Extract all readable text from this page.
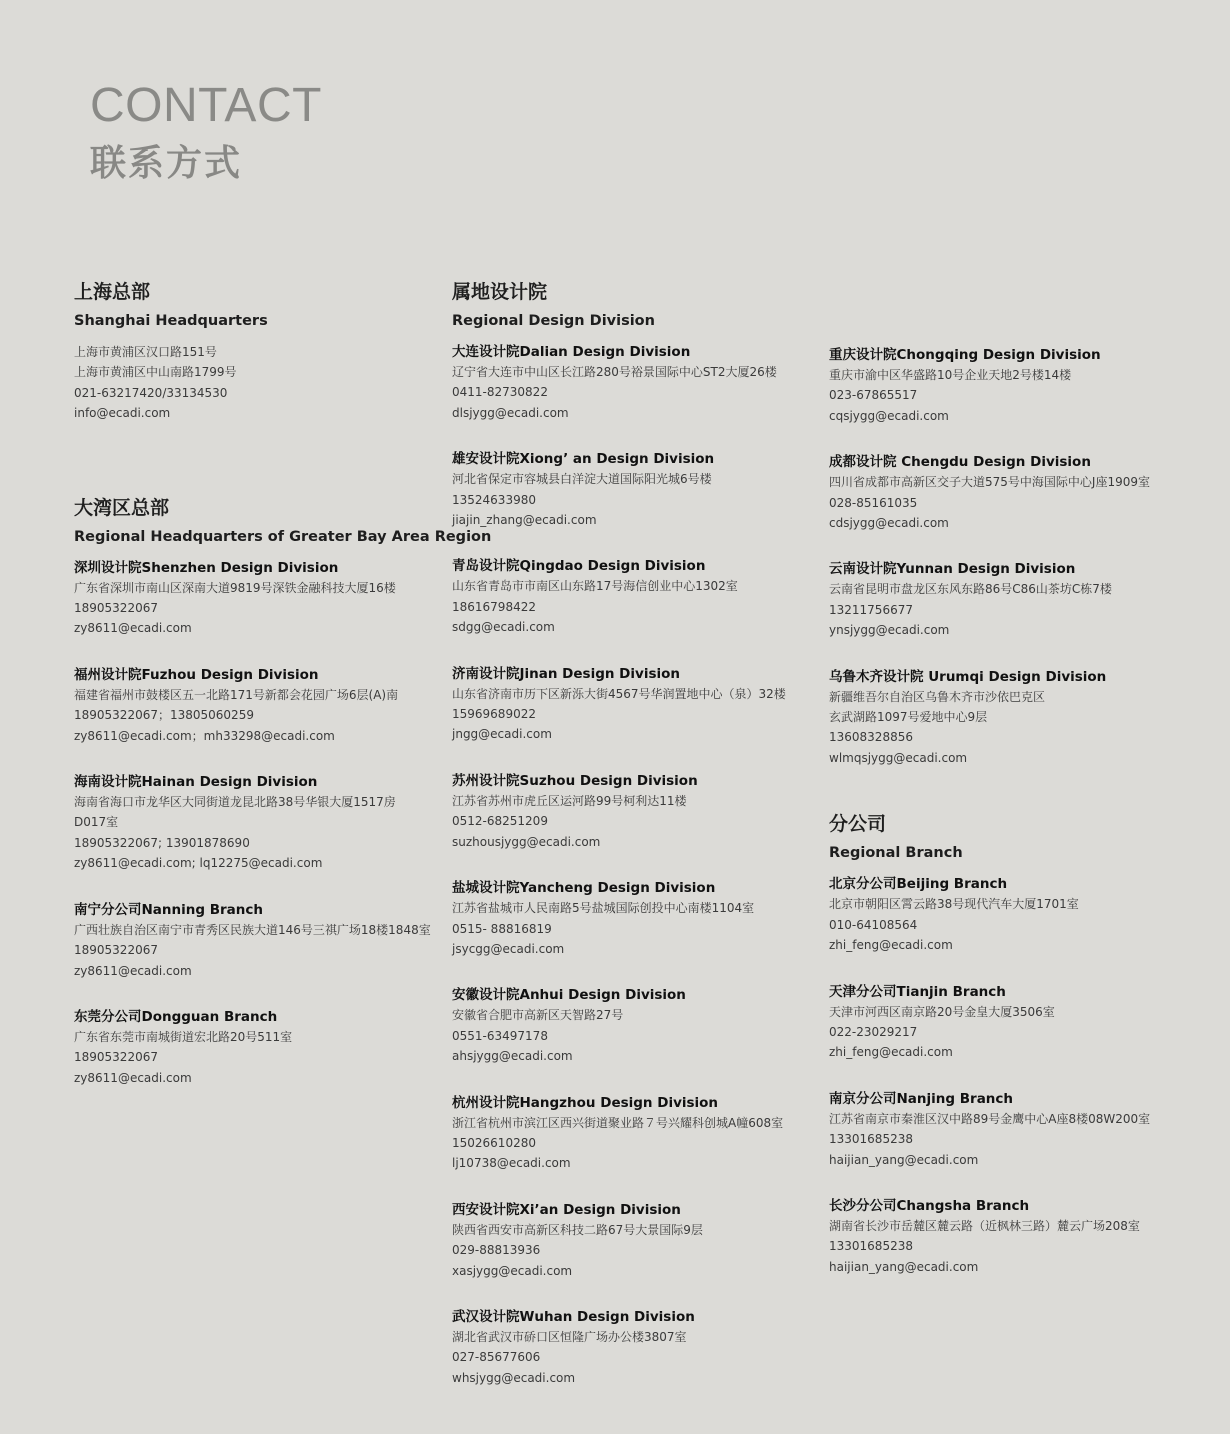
CONTACT
联系方式

上海总部

Shanghai Headquarters

上海市黄浦区汉口路151号

上海市黄浦区中山南路1799号

021-63217420/33134530

info@ecadi.com

大湾区总部

Regional Headquarters of Greater Bay Area Region

深圳设计院Shenzhen Design Division

广东省深圳市南山区深南大道9819号深铁金融科技大厦16楼

18905322067

zy8611@ecadi.com

福州设计院Fuzhou Design Division

福建省福州市鼓楼区五一北路171号新都会花园广场6层(A)南

18905322067；13805060259

zy8611@ecadi.com；mh33298@ecadi.com

海南设计院Hainan Design Division

海南省海口市龙华区大同街道龙昆北路38号华银大厦1517房

D017室

18905322067; 13901878690

zy8611@ecadi.com; lq12275@ecadi.com

南宁分公司Nanning Branch

广西壮族自治区南宁市青秀区民族大道146号三祺广场18楼1848室

18905322067

zy8611@ecadi.com

东莞分公司Dongguan Branch

广东省东莞市南城街道宏北路20号511室

18905322067

zy8611@ecadi.com

属地设计院

Regional Design Division

大连设计院Dalian Design Division

辽宁省大连市中山区长江路280号裕景国际中心ST2大厦26楼

0411-82730822

dlsjygg@ecadi.com

雄安设计院Xiong’ an Design Division

河北省保定市容城县白洋淀大道国际阳光城6号楼

13524633980

jiajin_zhang@ecadi.com

青岛设计院Qingdao Design Division

山东省青岛市市南区山东路17号海信创业中心1302室

18616798422

sdgg@ecadi.com

济南设计院Jinan Design Division

山东省济南市历下区新泺大街4567号华润置地中心（泉）32楼

15969689022

jngg@ecadi.com

苏州设计院Suzhou Design Division

江苏省苏州市虎丘区运河路99号柯利达11楼

0512-68251209

suzhousjygg@ecadi.com

盐城设计院Yancheng Design Division

江苏省盐城市人民南路5号盐城国际创投中心南楼1104室

0515- 88816819

jsycgg@ecadi.com

安徽设计院Anhui Design Division

安徽省合肥市高新区天智路27号

0551-63497178

ahsjygg@ecadi.com

杭州设计院Hangzhou Design Division

浙江省杭州市滨江区西兴街道聚业路７号兴耀科创城A幢608室

15026610280

lj10738@ecadi.com

西安设计院Xi’an Design Division

陕西省西安市高新区科技二路67号大景国际9层

029-88813936

xasjygg@ecadi.com

武汉设计院Wuhan Design Division

湖北省武汉市硚口区恒隆广场办公楼3807室

027-85677606

whsjygg@ecadi.com

重庆设计院Chongqing Design Division

重庆市渝中区华盛路10号企业天地2号楼14楼

023-67865517

cqsjygg@ecadi.com

成都设计院 Chengdu Design Division

四川省成都市高新区交子大道575号中海国际中心J座1909室

028-85161035

cdsjygg@ecadi.com

云南设计院Yunnan Design Division

云南省昆明市盘龙区东风东路86号C86山茶坊C栋7楼

13211756677

ynsjygg@ecadi.com

乌鲁木齐设计院 Urumqi Design Division

新疆维吾尔自治区乌鲁木齐市沙依巴克区

玄武湖路1097号爱地中心9层

13608328856

wlmqsjygg@ecadi.com

分公司

Regional Branch

北京分公司Beijing Branch

北京市朝阳区霄云路38号现代汽车大厦1701室

010-64108564

zhi_feng@ecadi.com

天津分公司Tianjin Branch

天津市河西区南京路20号金皇大厦3506室

022-23029217

zhi_feng@ecadi.com

南京分公司Nanjing Branch

江苏省南京市秦淮区汉中路89号金鹰中心A座8楼08W200室

13301685238

haijian_yang@ecadi.com

长沙分公司Changsha Branch

湖南省长沙市岳麓区麓云路（近枫林三路）麓云广场208室

13301685238

haijian_yang@ecadi.com
